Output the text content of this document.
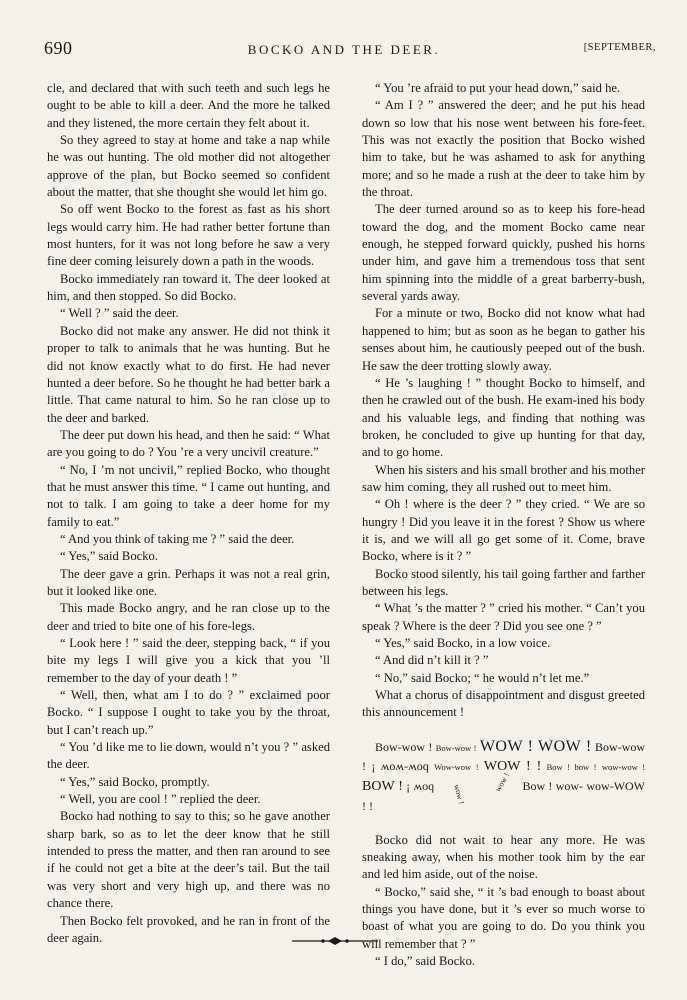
690	BOCKO AND THE DEER.	[SEPTEMBER,

cle, and declared that with such teeth and such legs he ought to be able to kill a deer. And the more he talked and they listened, the more certain they felt about it.

So they agreed to stay at home and take a nap while he was out hunting. The old mother did not altogether approve of the plan, but Bocko seemed so confident about the matter, that she thought she would let him go.

So off went Bocko to the forest as fast as his short legs would carry him. He had rather better fortune than most hunters, for it was not long before he saw a very fine deer coming leisurely down a path in the woods.

Bocko immediately ran toward it. The deer looked at him, and then stopped. So did Bocko.

“ Well ? ” said the deer.

Bocko did not make any answer. He did not think it proper to talk to animals that he was hunting. But he did not know exactly what to do first. He had never hunted a deer before. So he thought he had better bark a little. That came natural to him. So he ran close up to the deer and barked.

The deer put down his head, and then he said: “ What are you going to do ? You ’re a very uncivil creature.”

“ No, I ’m not uncivil,” replied Bocko, who thought that he must answer this time. “ I came out hunting, and not to talk. I am going to take a deer home for my family to eat.”

“ And you think of taking me ? ” said the deer.

“ Yes,” said Bocko.

The deer gave a grin. Perhaps it was not a real grin, but it looked like one.

This made Bocko angry, and he ran close up to the deer and tried to bite one of his fore-legs.

“ Look here ! ” said the deer, stepping back, “ if you bite my legs I will give you a kick that you ’ll remember to the day of your death ! ”

“ Well, then, what am I to do ? ” exclaimed poor Bocko. “ I suppose I ought to take you by the throat, but I can’t reach up.”

“ You ’d like me to lie down, would n’t you ? ” asked the deer.

“ Yes,” said Bocko, promptly.

“ Well, you are cool ! ” replied the deer.

Bocko had nothing to say to this; so he gave another sharp bark, so as to let the deer know that he still intended to press the matter, and then ran around to see if he could not get a bite at the deer’s tail. But the tail was very short and very high up, and there was no chance there.

Then Bocko felt provoked, and he ran in front of the deer again.

“ You ’re afraid to put your head down,” said he.

“ Am I ? ” answered the deer; and he put his head down so low that his nose went between his fore-feet. This was not exactly the position that Bocko wished him to take, but he was ashamed to ask for anything more; and so he made a rush at the deer to take him by the throat.

The deer turned around so as to keep his fore-head toward the dog, and the moment Bocko came near enough, he stepped forward quickly, pushed his horns under him, and gave him a tremendous toss that sent him spinning into the middle of a great barberry-bush, several yards away.

For a minute or two, Bocko did not know what had happened to him; but as soon as he began to gather his senses about him, he cautiously peeped out of the bush. He saw the deer trotting slowly away.

“ He ’s laughing ! ” thought Bocko to himself, and then he crawled out of the bush. He exam-ined his body and his valuable legs, and finding that nothing was broken, he concluded to give up hunting for that day, and to go home.

When his sisters and his small brother and his mother saw him coming, they all rushed out to meet him.

“ Oh ! where is the deer ? ” they cried. “ We are so hungry ! Did you leave it in the forest ? Show us where it is, and we will all go get some of it. Come, brave Bocko, where is it ? ”

Bocko stood silently, his tail going farther and farther between his legs.

“ What ’s the matter ? ” cried his mother. “ Can’t you speak ? Where is the deer ? Did you see one ? ”

“ Yes,” said Bocko, in a low voice.

“ And did n’t kill it ? ”

“ No,” said Bocko; “ he would n’t let me.”

What a chorus of disappointment and disgust greeted this announcement !

Bow-wow ! Bow-wow ! WOW ! WOW ! Bow-wow ! ¡ ʍoʍ-ʍoq Wow-wow ! WOW ! ! Bow ! bow ! wow-wow ! BOW ! ¡ ʍoq wow ! wow ! Bow ! wow- wow-WOW ! !

Bocko did not wait to hear any more. He was sneaking away, when his mother took him by the ear and led him aside, out of the noise.

“ Bocko,” said she, “ it ’s bad enough to boast about things you have done, but it ’s ever so much worse to boast of what you are going to do. Do you think you will remember that ? ”

“ I do,” said Bocko.
